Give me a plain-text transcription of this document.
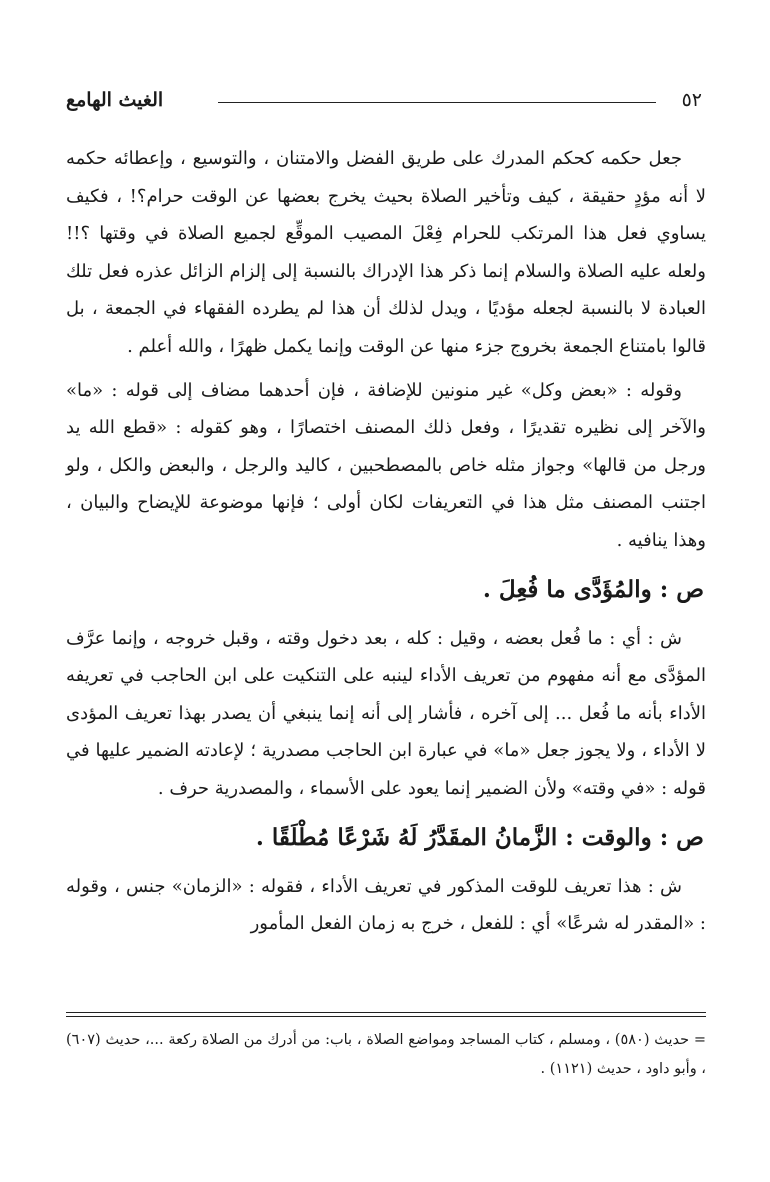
٥٢
الغيث الهامع

جعل حكمه كحكم المدرك على طريق الفضل والامتنان ، والتوسيع ، وإعطائه حكمه لا أنه مؤدٍ حقيقة ، كيف وتأخير الصلاة بحيث يخرج بعضها عن الوقت حرام؟! ، فكيف يساوي فعل هذا المرتكب للحرام فِعْلَ المصيب الموقِّع لجميع الصلاة في وقتها ؟!! ولعله عليه الصلاة والسلام إنما ذكر هذا الإدراك بالنسبة إلى إلزام الزائل عذره فعل تلك العبادة لا بالنسبة لجعله مؤديًا ، ويدل لذلك أن هذا لم يطرده الفقهاء في الجمعة ، بل قالوا بامتناع الجمعة بخروج جزء منها عن الوقت وإنما يكمل ظهرًا ، والله أعلم .

وقوله : «بعض وكل» غير منونين للإضافة ، فإن أحدهما مضاف إلى قوله : «ما» والآخر إلى نظيره تقديرًا ، وفعل ذلك المصنف اختصارًا ، وهو كقوله : «قطع الله يد ورجل من قالها» وجواز مثله خاص بالمصطحبين ، كاليد والرجل ، والبعض والكل ، ولو اجتنب المصنف مثل هذا في التعريفات لكان أولى ؛ فإنها موضوعة للإيضاح والبيان ، وهذا ينافيه .

ص : والمُؤَدَّى ما فُعِلَ .

ش : أي : ما فُعل بعضه ، وقيل : كله ، بعد دخول وقته ، وقبل خروجه ، وإنما عرَّف المؤدَّى مع أنه مفهوم من تعريف الأداء لينبه على التنكيت على ابن الحاجب في تعريفه الأداء بأنه ما فُعل ... إلى آخره ، فأشار إلى أنه إنما ينبغي أن يصدر بهذا تعريف المؤدى لا الأداء ، ولا يجوز جعل «ما» في عبارة ابن الحاجب مصدرية ؛ لإعادته الضمير عليها في قوله : «في وقته» ولأن الضمير إنما يعود على الأسماء ، والمصدرية حرف .

ص : والوقت : الزَّمانُ المقَدَّرُ لَهُ شَرْعًا مُطْلَقًا .

ش : هذا تعريف للوقت المذكور في تعريف الأداء ، فقوله : «الزمان» جنس ، وقوله : «المقدر له شرعًا» أي : للفعل ، خرج به زمان الفعل المأمور

= حديث (٥٨٠) ، ومسلم ، كتاب المساجد ومواضع الصلاة ، باب: من أدرك من الصلاة ركعة ...، حديث (٦٠٧) ، وأبو داود ، حديث (١١٢١) .
